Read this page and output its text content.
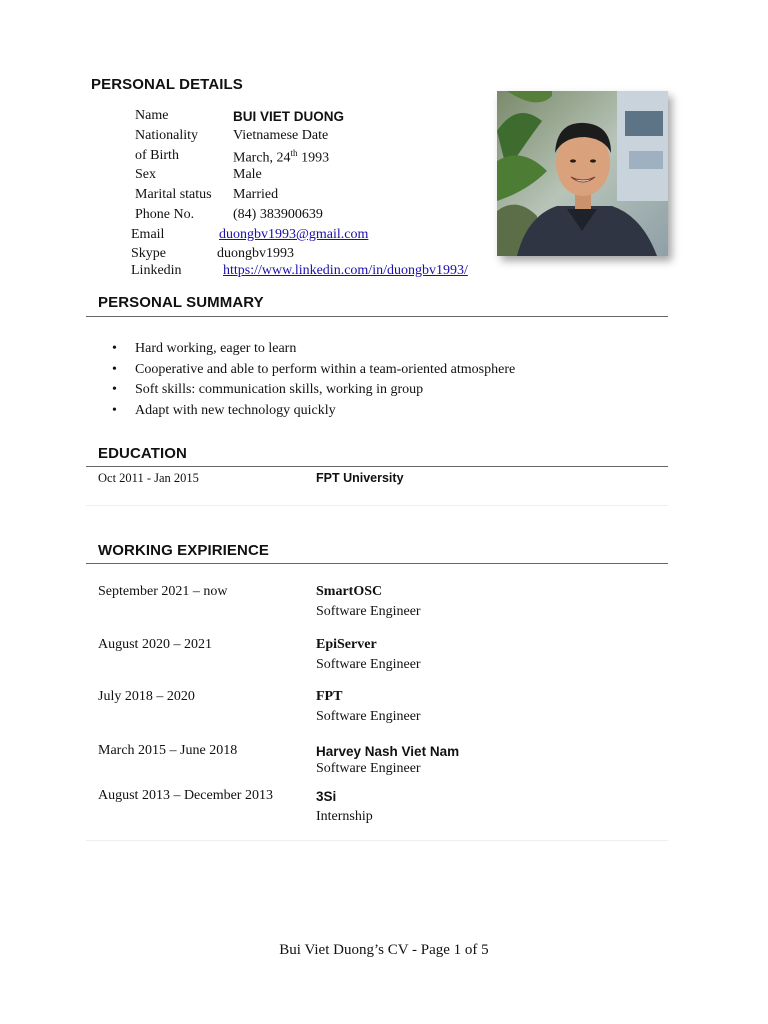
PERSONAL DETAILS
Name	BUI VIET DUONG
Nationality	Vietnamese Date
of Birth	March, 24th 1993
Sex	Male
Marital status Married
Phone No.	(84) 383900639
Email	duongbv1993@gmail.com
Skype	duongbv1993
Linkedin	https://www.linkedin.com/in/duongbv1993/
PERSONAL SUMMARY
• Hard working, eager to learn
• Cooperative and able to perform within a team-oriented atmosphere
• Soft skills: communication skills, working in group
• Adapt with new technology quickly
EDUCATION
Oct 2011 - Jan 2015	FPT University
WORKING EXPIRIENCE
September 2021 – now	SmartOSC
Software Engineer
August 2020 – 2021	EpiServer
Software Engineer
July 2018 – 2020	FPT
Software Engineer
March 2015 – June 2018	Harvey Nash Viet Nam
Software Engineer
August 2013 – December 2013	3Si
Internship
Bui Viet Duong’s CV - Page 1 of 5
